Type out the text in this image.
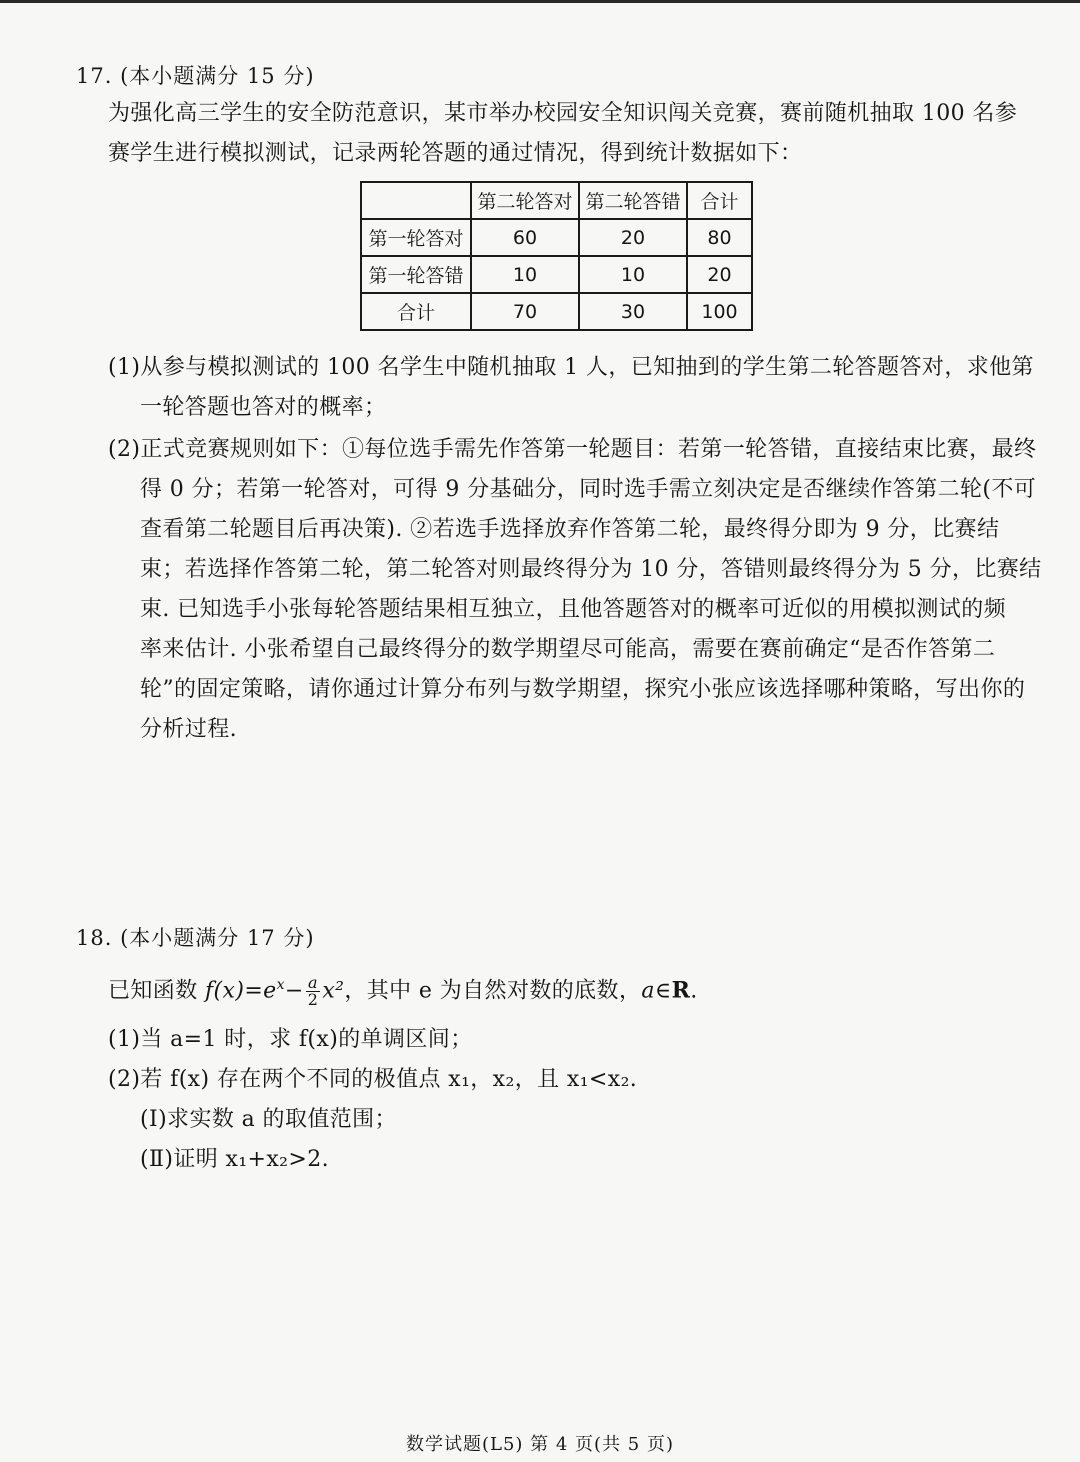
17. (本小题满分 15 分)
为强化高三学生的安全防范意识，某市举办校园安全知识闯关竞赛，赛前随机抽取 100 名参
赛学生进行模拟测试，记录两轮答题的通过情况，得到统计数据如下：
	第二轮答对	第二轮答错	合计
第一轮答对	60	20	80
第一轮答错	10	10	20
合计	70	30	100
(1)从参与模拟测试的 100 名学生中随机抽取 1 人，已知抽到的学生第二轮答题答对，求他第
一轮答题也答对的概率；
(2)正式竞赛规则如下：①每位选手需先作答第一轮题目：若第一轮答错，直接结束比赛，最终
得 0 分；若第一轮答对，可得 9 分基础分，同时选手需立刻决定是否继续作答第二轮(不可
查看第二轮题目后再决策). ②若选手选择放弃作答第二轮，最终得分即为 9 分，比赛结
束；若选择作答第二轮，第二轮答对则最终得分为 10 分，答错则最终得分为 5 分，比赛结
束. 已知选手小张每轮答题结果相互独立，且他答题答对的概率可近似的用模拟测试的频
率来估计. 小张希望自己最终得分的数学期望尽可能高，需要在赛前确定“是否作答第二
轮”的固定策略，请你通过计算分布列与数学期望，探究小张应该选择哪种策略，写出你的
分析过程.
18. (本小题满分 17 分)
已知函数 $f(x)=e^x- \frac{a}{2} x^2$，其中 e 为自然对数的底数，a∈R.
(1)当 a=1 时，求 f(x)的单调区间；
(2)若 f(x) 存在两个不同的极值点 x₁，x₂，且 x₁<x₂.
(Ⅰ)求实数 a 的取值范围；
(Ⅱ)证明 x₁+x₂>2.
数学试题(L5) 第 4 页(共 5 页)
